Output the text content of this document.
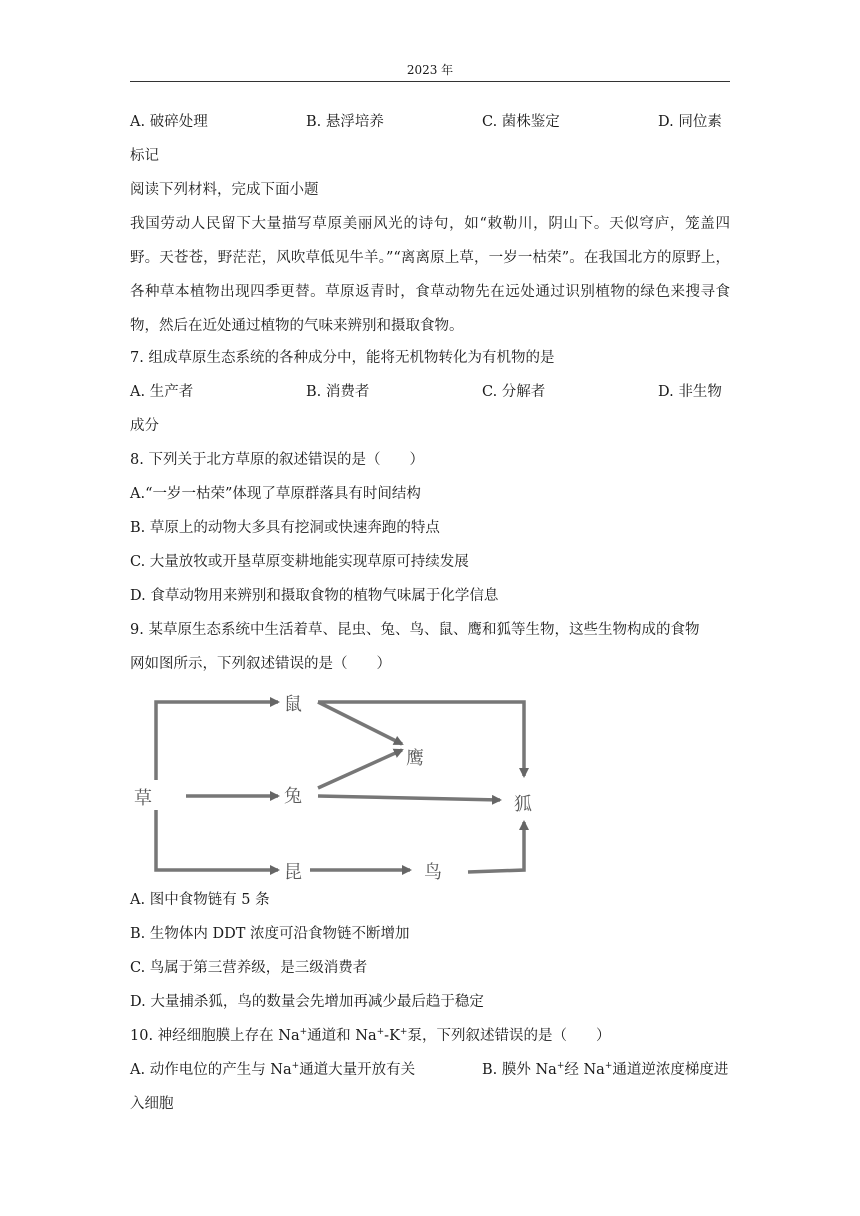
2023 年
A. 破碎处理	B. 悬浮培养	C. 菌株鉴定	D. 同位素
标记
阅读下列材料，完成下面小题
我国劳动人民留下大量描写草原美丽风光的诗句，如“敕勒川，阴山下。天似穹庐，笼盖四野。天苍苍，野茫茫，风吹草低见牛羊。”“离离原上草，一岁一枯荣”。在我国北方的原野上，各种草本植物出现四季更替。草原返青时，食草动物先在远处通过识别植物的绿色来搜寻食物，然后在近处通过植物的气味来辨别和摄取食物。
7. 组成草原生态系统的各种成分中，能将无机物转化为有机物的是
A. 生产者	B. 消费者	C. 分解者	D. 非生物
成分
8. 下列关于北方草原的叙述错误的是（　　）
A.“一岁一枯荣”体现了草原群落具有时间结构
B. 草原上的动物大多具有挖洞或快速奔跑的特点
C. 大量放牧或开垦草原变耕地能实现草原可持续发展
D. 食草动物用来辨别和摄取食物的植物气味属于化学信息
9. 某草原生态系统中生活着草、昆虫、兔、鸟、鼠、鹰和狐等生物，这些生物构成的食物
网如图所示，下列叙述错误的是（　　）
草
鼠
兔
昆
鹰
狐
鸟
A. 图中食物链有 5 条
B. 生物体内 DDT 浓度可沿食物链不断增加
C. 鸟属于第三营养级，是三级消费者
D. 大量捕杀狐，鸟的数量会先增加再减少最后趋于稳定
10. 神经细胞膜上存在 Na+通道和 Na+-K+泵，下列叙述错误的是（　　）
A. 动作电位的产生与 Na+通道大量开放有关	B. 膜外 Na+经 Na+通道逆浓度梯度进
入细胞
